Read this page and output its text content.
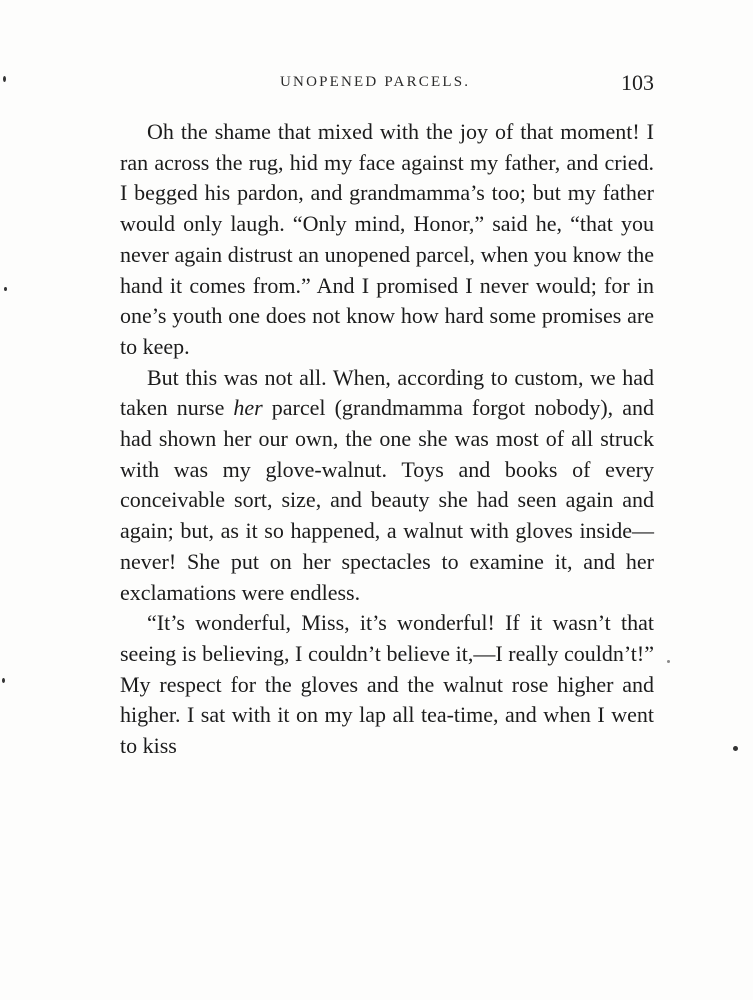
UNOPENED PARCELS.	103

Oh the shame that mixed with the joy of that moment! I ran across the rug, hid my face against my father, and cried. I begged his pardon, and grandmamma’s too; but my father would only laugh. “Only mind, Honor,” said he, “that you never again distrust an unopened parcel, when you know the hand it comes from.” And I promised I never would; for in one’s youth one does not know how hard some promises are to keep.

But this was not all. When, according to custom, we had taken nurse her parcel (grandmamma forgot nobody), and had shown her our own, the one she was most of all struck with was my glove-walnut. Toys and books of every conceivable sort, size, and beauty she had seen again and again; but, as it so happened, a walnut with gloves inside—never! She put on her spectacles to examine it, and her exclamations were endless.

“It’s wonderful, Miss, it’s wonderful! If it wasn’t that seeing is believing, I couldn’t believe it,—I really couldn’t!” My respect for the gloves and the walnut rose higher and higher. I sat with it on my lap all tea-time, and when I went to kiss
